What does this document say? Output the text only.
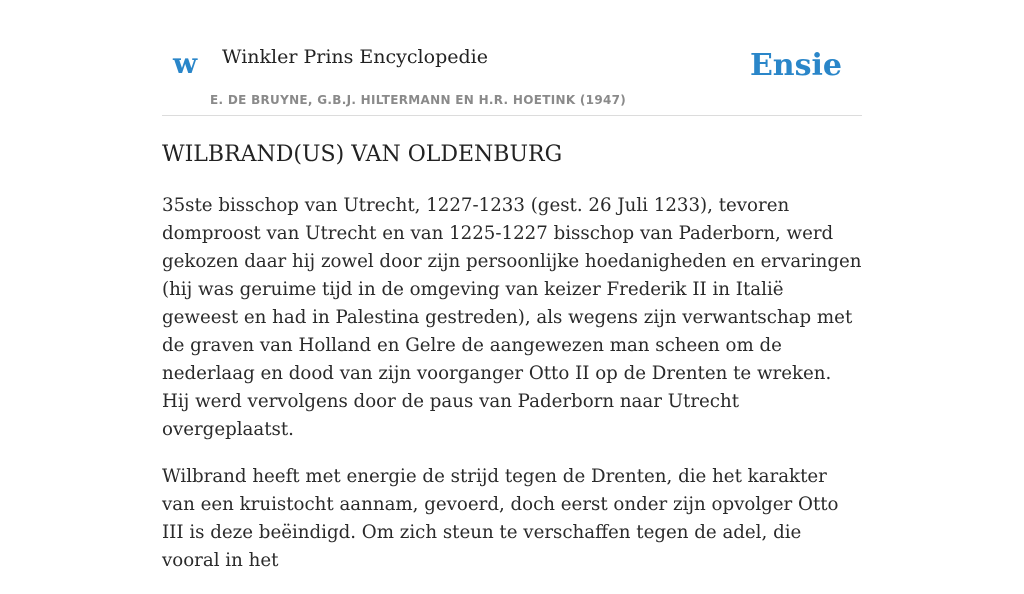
w Winkler Prins Encyclopedie
E. DE BRUYNE, G.B.J. HILTERMANN EN H.R. HOETINK (1947)
Ensie
WILBRAND(US) VAN OLDENBURG

35ste bisschop van Utrecht, 1227-1233 (gest. 26 Juli 1233), tevoren domproost van Utrecht en van 1225-1227 bisschop van Paderborn, werd gekozen daar hij zowel door zijn persoonlijke hoedanigheden en ervaringen (hij was geruime tijd in de omgeving van keizer Frederik II in Italië geweest en had in Palestina gestreden), als wegens zijn verwantschap met de graven van Holland en Gelre de aangewezen man scheen om de nederlaag en dood van zijn voorganger Otto II op de Drenten te wreken. Hij werd vervolgens door de paus van Paderborn naar Utrecht overgeplaatst.

Wilbrand heeft met energie de strijd tegen de Drenten, die het karakter van een kruistocht aannam, gevoerd, doch eerst onder zijn opvolger Otto III is deze beëindigd. Om zich steun te verschaffen tegen de adel, die vooral in het
